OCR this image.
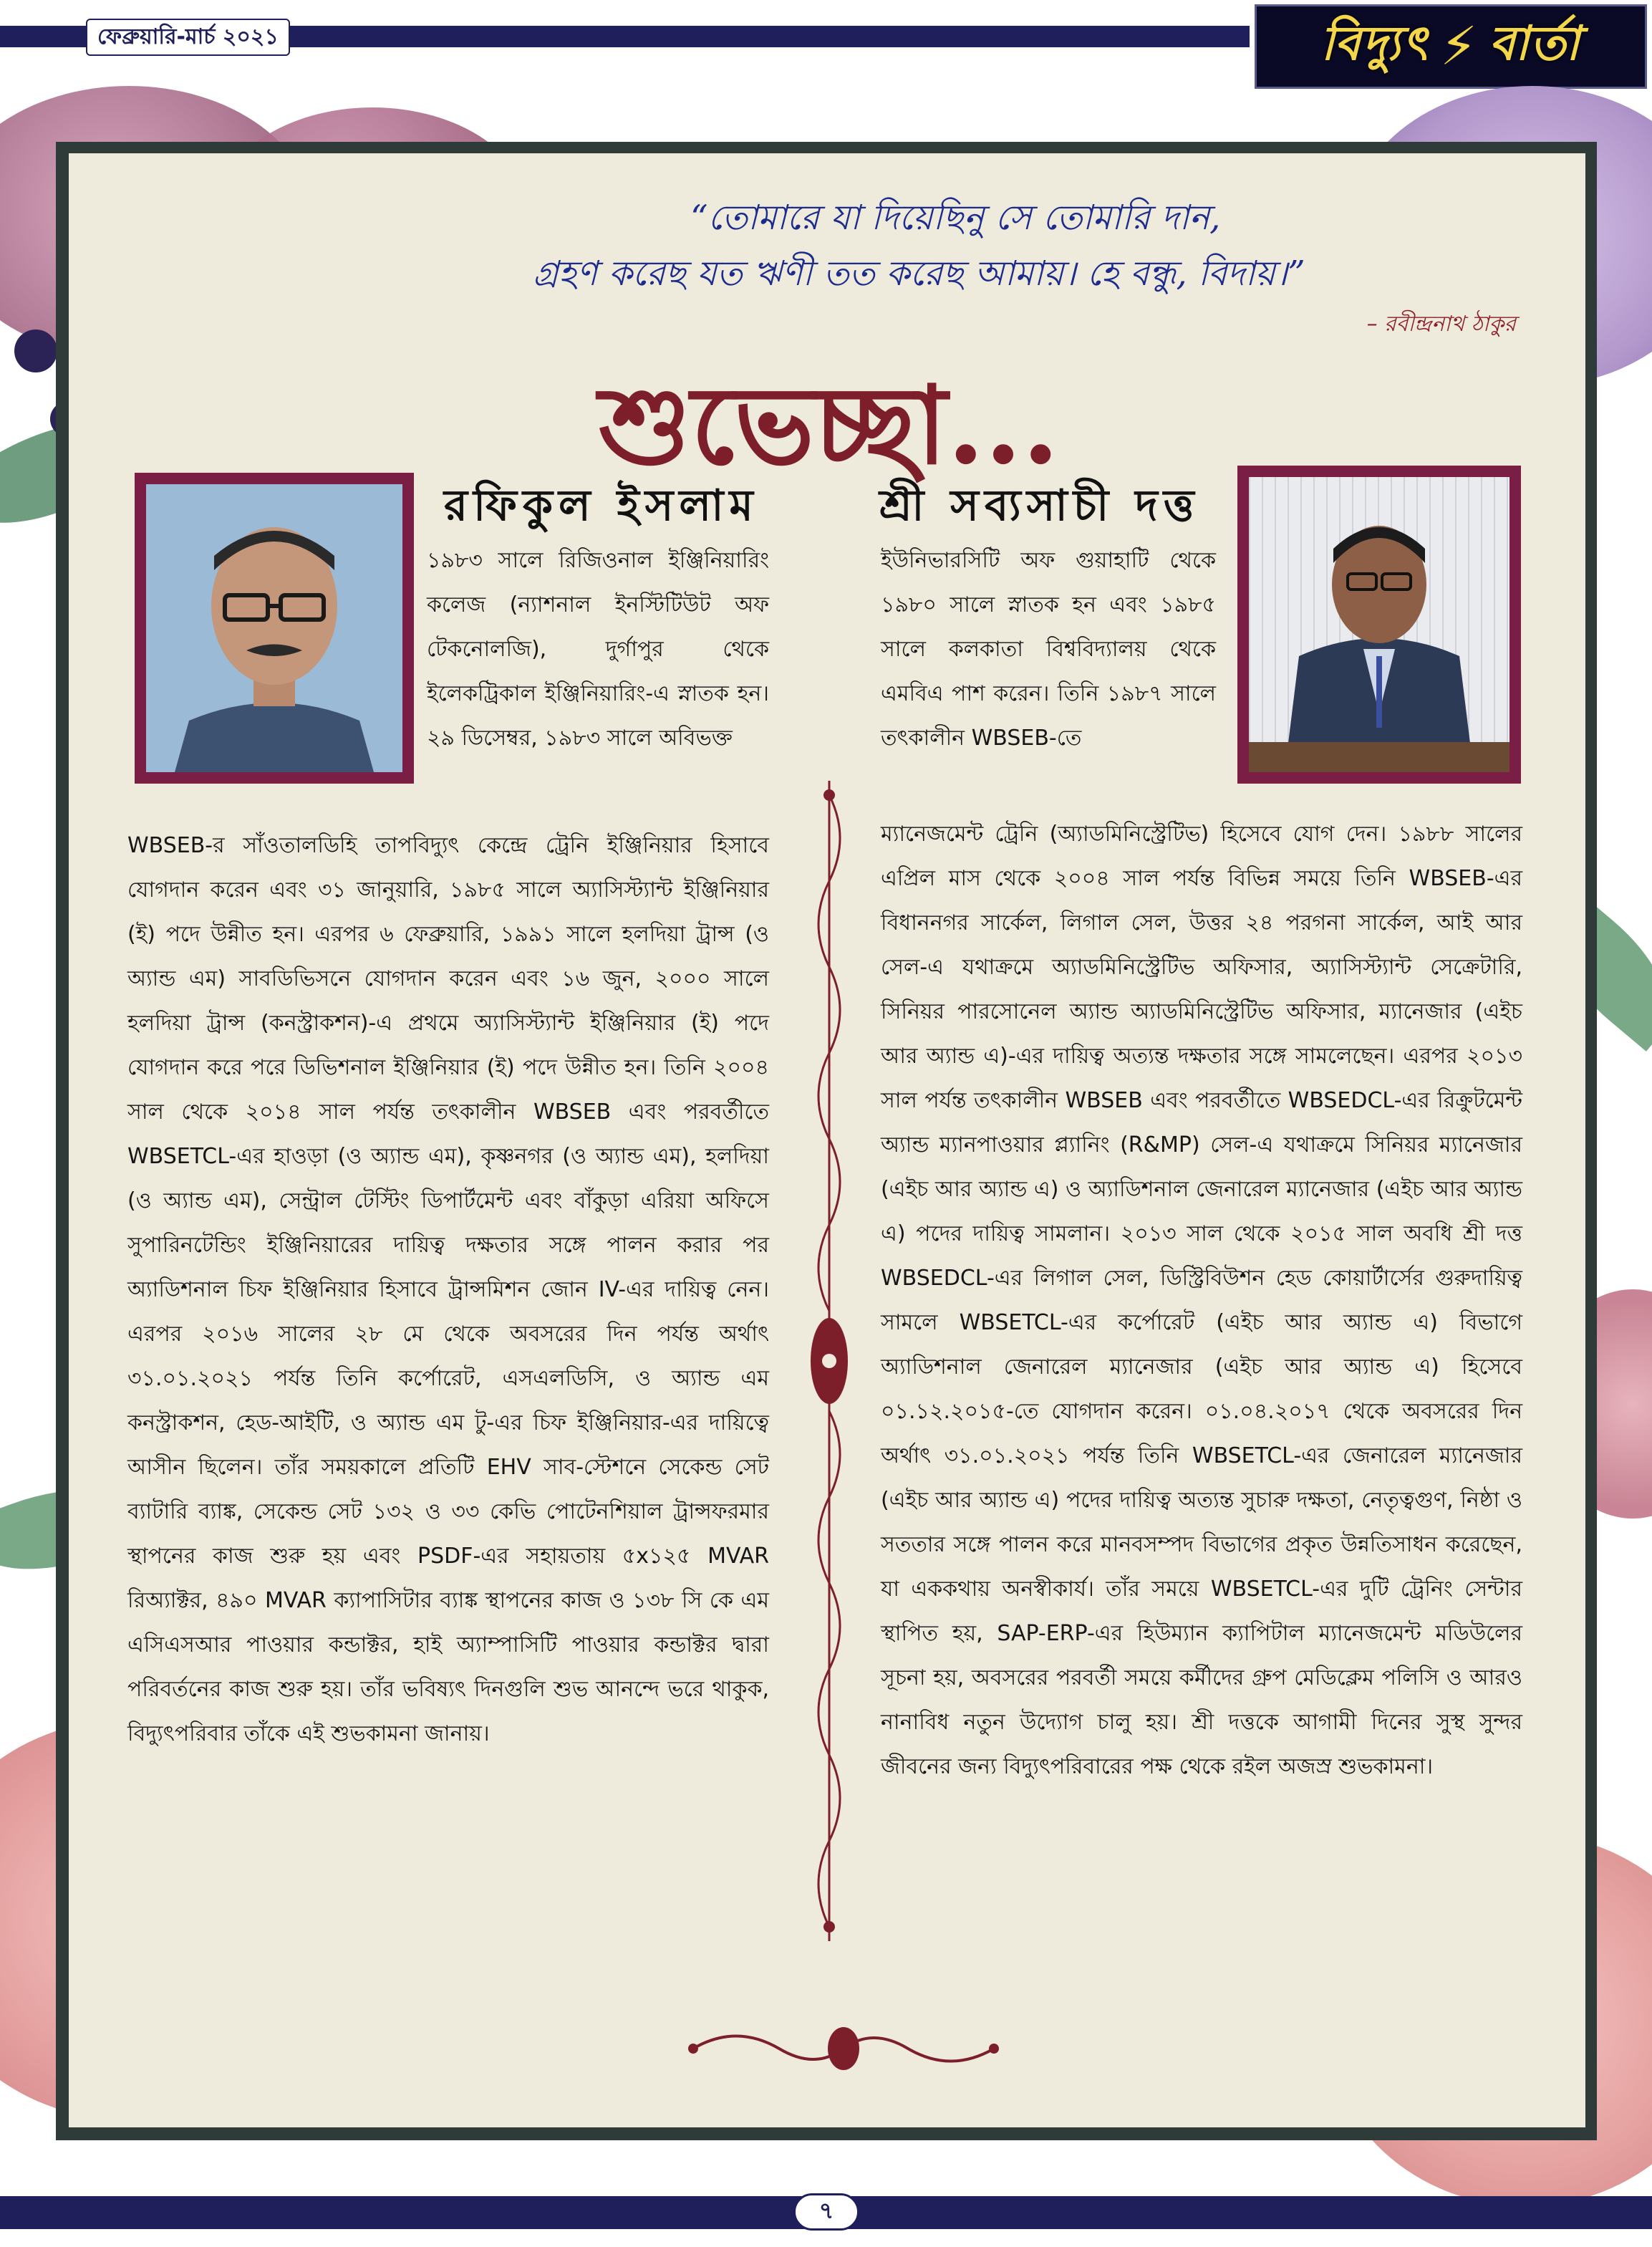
ফেব্রুয়ারি-মার্চ ২০২১	বিদ্যুৎ ⚡ বার্তা
“তোমারে যা দিয়েছিনু সে তোমারি দান,
গ্রহণ করেছ যত ঋণী তত করেছ আমায়। হে বন্ধু, বিদায়।”
– রবীন্দ্রনাথ ঠাকুর
শুভেচ্ছা...
রফিকুল ইসলাম

১৯৮৩ সালে রিজিওনাল ইঞ্জিনিয়ারিং কলেজ (ন্যাশনাল ইনস্টিটিউট অফ টেকনোলজি), দুর্গাপুর থেকে ইলেকট্রিকাল ইঞ্জিনিয়ারিং-এ স্নাতক হন। ২৯ ডিসেম্বর, ১৯৮৩ সালে অবিভক্ত

WBSEB-র সাঁওতালডিহি তাপবিদ্যুৎ কেন্দ্রে ট্রেনি ইঞ্জিনিয়ার হিসাবে যোগদান করেন এবং ৩১ জানুয়ারি, ১৯৮৫ সালে অ্যাসিস্ট্যান্ট ইঞ্জিনিয়ার (ই) পদে উন্নীত হন। এরপর ৬ ফেব্রুয়ারি, ১৯৯১ সালে হলদিয়া ট্রান্স (ও অ্যান্ড এম) সাবডিভিসনে যোগদান করেন এবং ১৬ জুন, ২০০০ সালে হলদিয়া ট্রান্স (কনস্ট্রাকশন)-এ প্রথমে অ্যাসিস্ট্যান্ট ইঞ্জিনিয়ার (ই) পদে যোগদান করে পরে ডিভিশনাল ইঞ্জিনিয়ার (ই) পদে উন্নীত হন। তিনি ২০০৪ সাল থেকে ২০১৪ সাল পর্যন্ত তৎকালীন WBSEB এবং পরবর্তীতে WBSETCL-এর হাওড়া (ও অ্যান্ড এম), কৃষ্ণনগর (ও অ্যান্ড এম), হলদিয়া (ও অ্যান্ড এম), সেন্ট্রাল টেস্টিং ডিপার্টমেন্ট এবং বাঁকুড়া এরিয়া অফিসে সুপারিনটেন্ডিং ইঞ্জিনিয়ারের দায়িত্ব দক্ষতার সঙ্গে পালন করার পর অ্যাডিশনাল চিফ ইঞ্জিনিয়ার হিসাবে ট্রান্সমিশন জোন IV-এর দায়িত্ব নেন। এরপর ২০১৬ সালের ২৮ মে থেকে অবসরের দিন পর্যন্ত অর্থাৎ ৩১.০১.২০২১ পর্যন্ত তিনি কর্পোরেট, এসএলডিসি, ও অ্যান্ড এম কনস্ট্রাকশন, হেড-আইটি, ও অ্যান্ড এম টু-এর চিফ ইঞ্জিনিয়ার-এর দায়িত্বে আসীন ছিলেন। তাঁর সময়কালে প্রতিটি EHV সাব-স্টেশনে সেকেন্ড সেট ব্যাটারি ব্যাঙ্ক, সেকেন্ড সেট ১৩২ ও ৩৩ কেভি পোটেনশিয়াল ট্রান্সফরমার স্থাপনের কাজ শুরু হয় এবং PSDF-এর সহায়তায় ৫x১২৫ MVAR রিঅ্যাক্টর, ৪৯০ MVAR ক্যাপাসিটার ব্যাঙ্ক স্থাপনের কাজ ও ১৩৮ সি কে এম এসিএসআর পাওয়ার কন্ডাক্টর, হাই অ্যাম্পাসিটি পাওয়ার কন্ডাক্টর দ্বারা পরিবর্তনের কাজ শুরু হয়। তাঁর ভবিষ্যৎ দিনগুলি শুভ আনন্দে ভরে থাকুক, বিদ্যুৎপরিবার তাঁকে এই শুভকামনা জানায়।

শ্রী সব্যসাচী দত্ত

ইউনিভারসিটি অফ গুয়াহাটি থেকে ১৯৮০ সালে স্নাতক হন এবং ১৯৮৫ সালে কলকাতা বিশ্ববিদ্যালয় থেকে এমবিএ পাশ করেন। তিনি ১৯৮৭ সালে তৎকালীন WBSEB-তে

ম্যানেজমেন্ট ট্রেনি (অ্যাডমিনিস্ট্রেটিভ) হিসেবে যোগ দেন। ১৯৮৮ সালের এপ্রিল মাস থেকে ২০০৪ সাল পর্যন্ত বিভিন্ন সময়ে তিনি WBSEB-এর বিধাননগর সার্কেল, লিগাল সেল, উত্তর ২৪ পরগনা সার্কেল, আই আর সেল-এ যথাক্রমে অ্যাডমিনিস্ট্রেটিভ অফিসার, অ্যাসিস্ট্যান্ট সেক্রেটারি, সিনিয়র পারসোনেল অ্যান্ড অ্যাডমিনিস্ট্রেটিভ অফিসার, ম্যানেজার (এইচ আর অ্যান্ড এ)-এর দায়িত্ব অত্যন্ত দক্ষতার সঙ্গে সামলেছেন। এরপর ২০১৩ সাল পর্যন্ত তৎকালীন WBSEB এবং পরবর্তীতে WBSEDCL-এর রিক্রুটমেন্ট অ্যান্ড ম্যানপাওয়ার প্ল্যানিং (R&MP) সেল-এ যথাক্রমে সিনিয়র ম্যানেজার (এইচ আর অ্যান্ড এ) ও অ্যাডিশনাল জেনারেল ম্যানেজার (এইচ আর অ্যান্ড এ) পদের দায়িত্ব সামলান। ২০১৩ সাল থেকে ২০১৫ সাল অবধি শ্রী দত্ত WBSEDCL-এর লিগাল সেল, ডিস্ট্রিবিউশন হেড কোয়ার্টার্সের গুরুদায়িত্ব সামলে WBSETCL-এর কর্পোরেট (এইচ আর অ্যান্ড এ) বিভাগে অ্যাডিশনাল জেনারেল ম্যানেজার (এইচ আর অ্যান্ড এ) হিসেবে ০১.১২.২০১৫-তে যোগদান করেন। ০১.০৪.২০১৭ থেকে অবসরের দিন অর্থাৎ ৩১.০১.২০২১ পর্যন্ত তিনি WBSETCL-এর জেনারেল ম্যানেজার (এইচ আর অ্যান্ড এ) পদের দায়িত্ব অত্যন্ত সুচারু দক্ষতা, নেতৃত্বগুণ, নিষ্ঠা ও সততার সঙ্গে পালন করে মানবসম্পদ বিভাগের প্রকৃত উন্নতিসাধন করেছেন, যা এককথায় অনস্বীকার্য। তাঁর সময়ে WBSETCL-এর দুটি ট্রেনিং সেন্টার স্থাপিত হয়, SAP-ERP-এর হিউম্যান ক্যাপিটাল ম্যানেজমেন্ট মডিউলের সূচনা হয়, অবসরের পরবর্তী সময়ে কর্মীদের গ্রুপ মেডিক্লেম পলিসি ও আরও নানাবিধ নতুন উদ্যোগ চালু হয়। শ্রী দত্তকে আগামী দিনের সুস্থ সুন্দর জীবনের জন্য বিদ্যুৎপরিবারের পক্ষ থেকে রইল অজস্র শুভকামনা।

৭
